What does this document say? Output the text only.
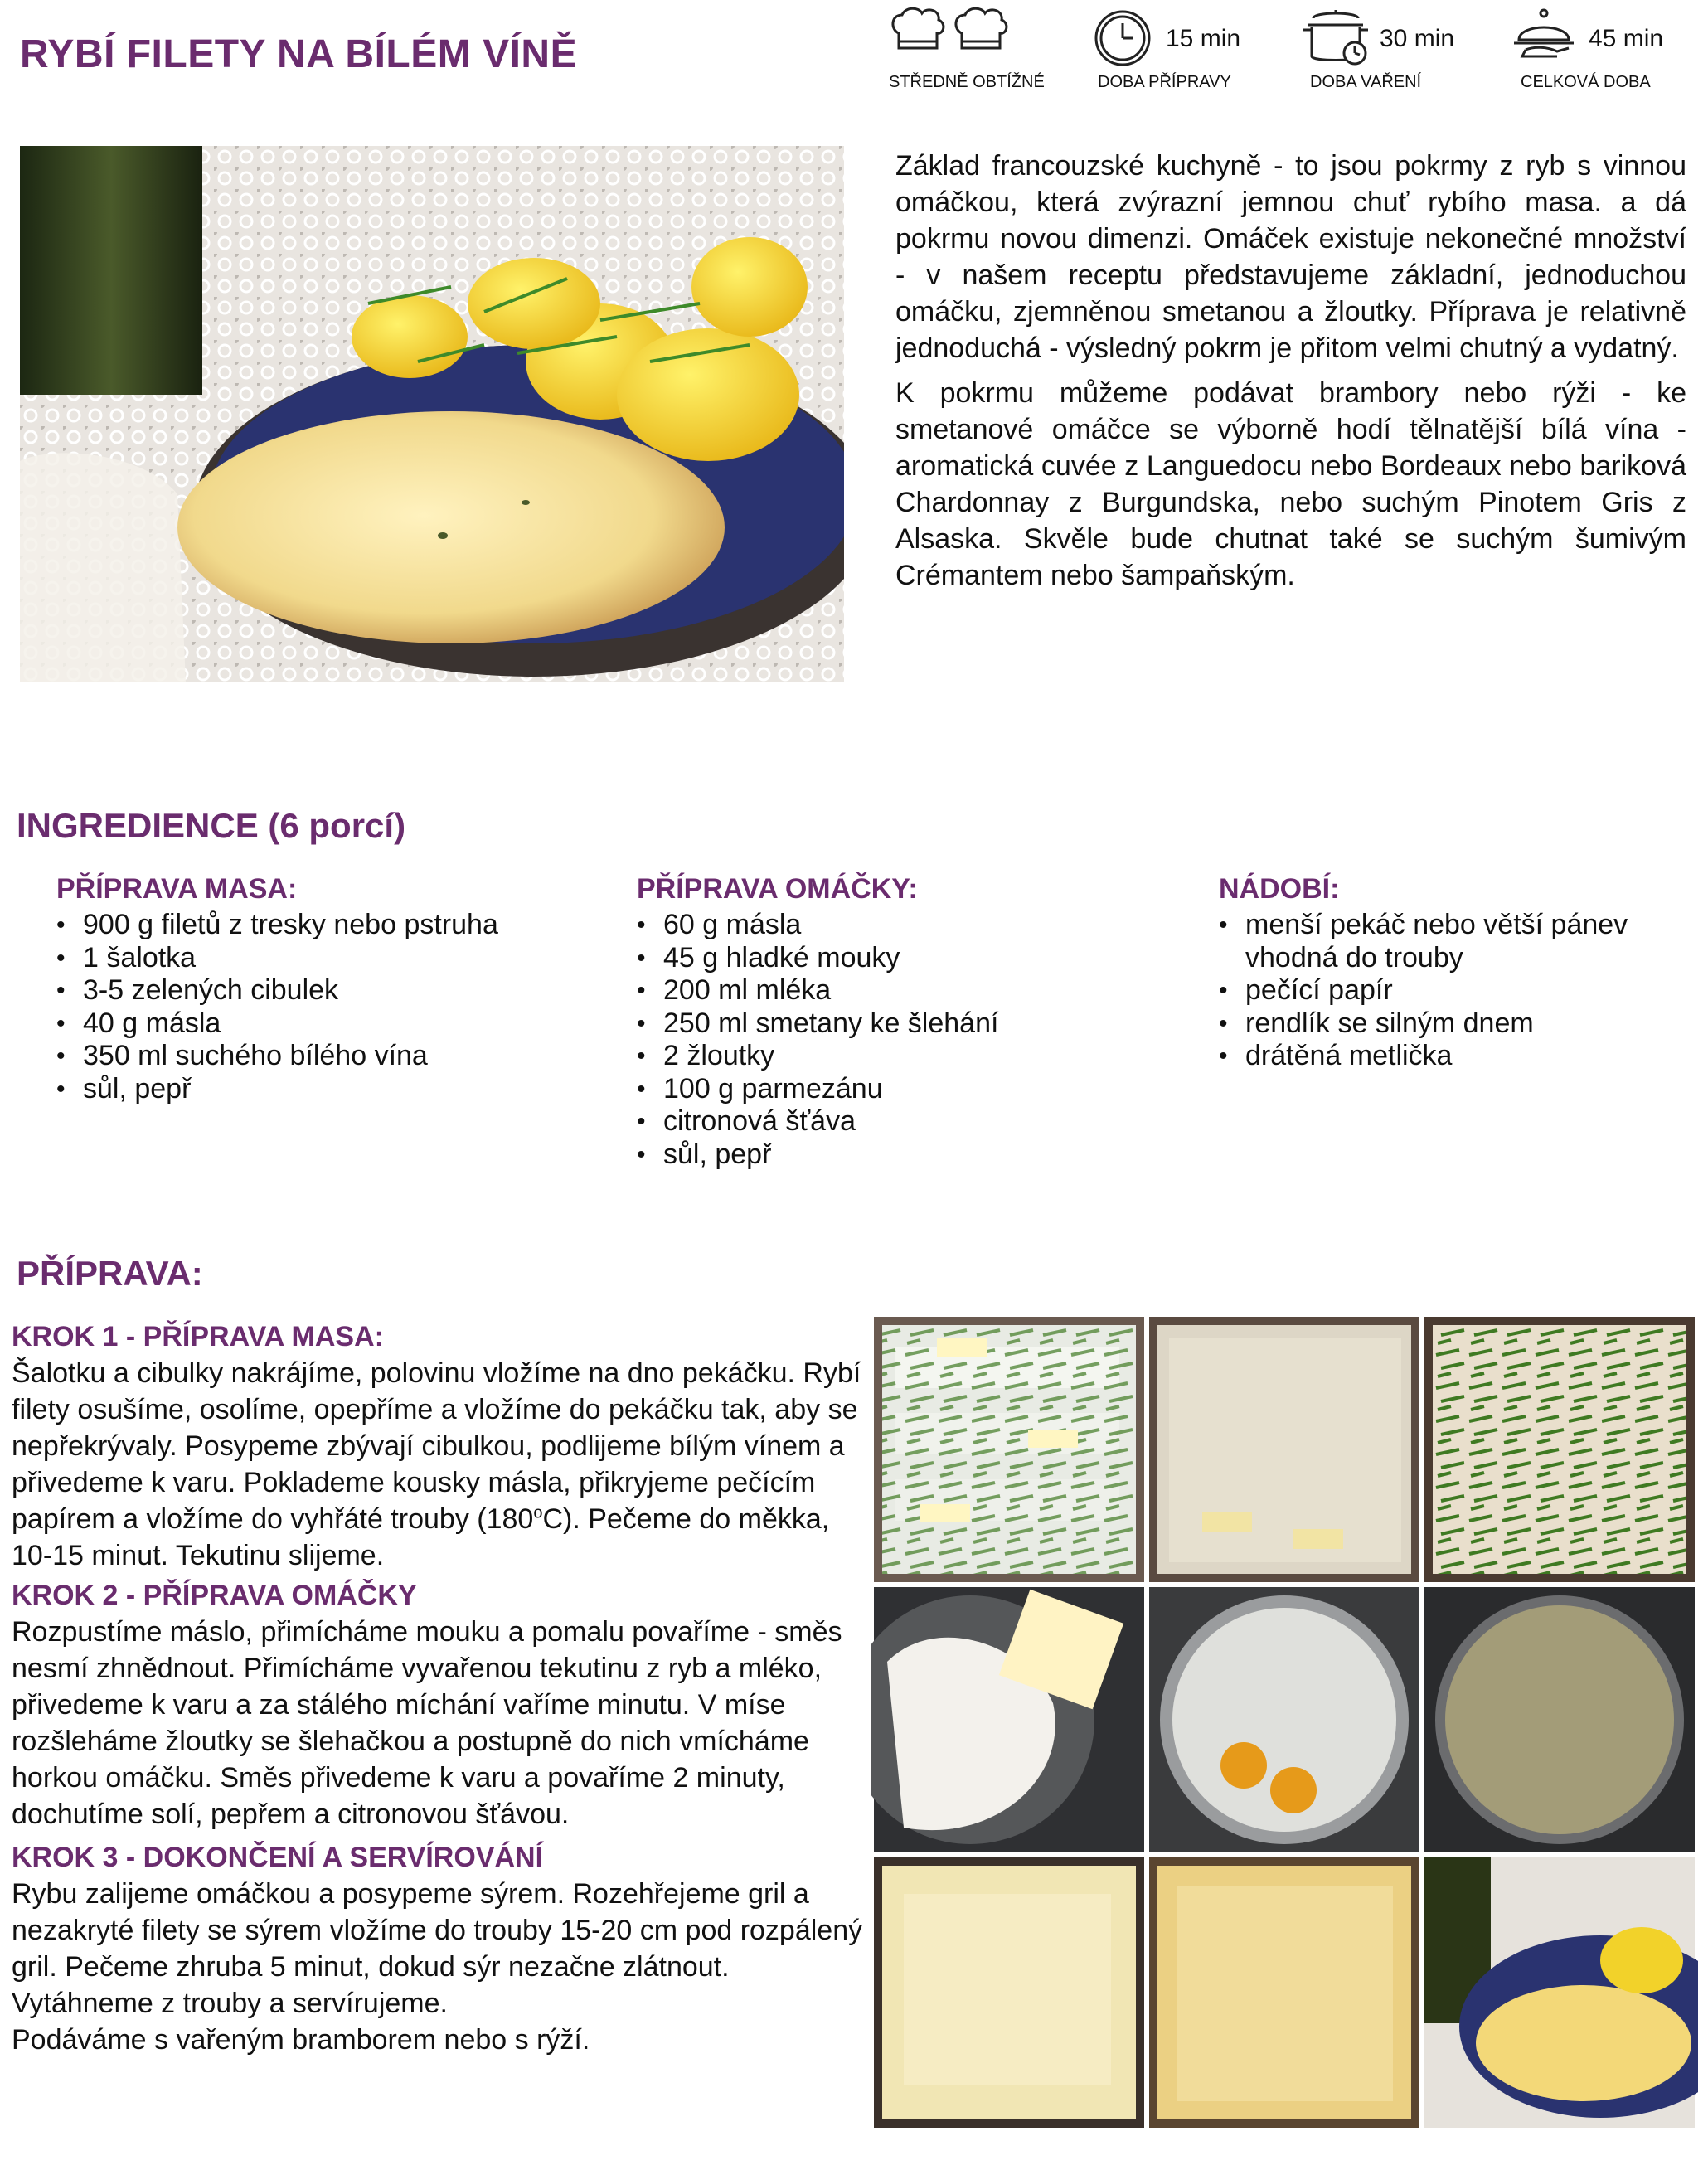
RYBÍ FILETY NA BÍLÉM VÍNĚ
STŘEDNĚ OBTÍŽNÉ
15 min
DOBA PŘÍPRAVY
30 min
DOBA VAŘENÍ
45 min
CELKOVÁ DOBA

Základ francouzské kuchyně - to jsou pokrmy z ryb s vinnou omáčkou, která zvýrazní jemnou chuť rybího masa. a dá pokrmu novou dimenzi. Omáček existuje nekonečné množství - v našem receptu představujeme základní, jednoduchou omáčku, zjemněnou smetanou a žloutky. Příprava je relativně jednoduchá - výsledný pokrm je přitom velmi chutný a vydatný.

K pokrmu můžeme podávat brambory nebo rýži - ke smetanové omáčce se výborně hodí tělnatější bílá vína - aromatická cuvée z Languedocu nebo Bordeaux nebo bariková Chardonnay z Burgundska, nebo suchým Pinotem Gris z Alsaska. Skvěle bude chutnat také se suchým šumivým Crémantem nebo šampaňským.

INGREDIENCE (6 porcí)
PŘÍPRAVA MASA:
• 900 g filetů z tresky nebo pstruha
• 1 šalotka
• 3-5 zelených cibulek
• 40 g másla
• 350 ml suchého bílého vína
• sůl, pepř
PŘÍPRAVA OMÁČKY:
• 60 g másla
• 45 g hladké mouky
• 200 ml mléka
• 250 ml smetany ke šlehání
• 2 žloutky
• 100 g parmezánu
• citronová šťáva
• sůl, pepř
NÁDOBÍ:
• menší pekáč nebo větší pánev vhodná do trouby
• pečící papír
• rendlík se silným dnem
• drátěná metlička
PŘÍPRAVA:
KROK 1 - PŘÍPRAVA MASA:

Šalotku a cibulky nakrájíme, polovinu vložíme na dno pekáčku. Rybí filety osušíme, osolíme, opepříme a vložíme do pekáčku tak, aby se nepřekrývaly. Posypeme zbývají cibulkou, podlijeme bílým vínem a přivedeme k varu. Poklademe kousky másla, přikryjeme pečícím papírem a vložíme do vyhřáté trouby (180$^o$C). Pečeme do měkka, 10-15 minut. Tekutinu slijeme.

KROK 2 - PŘÍPRAVA OMÁČKY

Rozpustíme máslo, přimícháme mouku a pomalu povaříme - směs nesmí zhnědnout. Přimícháme vyvařenou tekutinu z ryb a mléko, přivedeme k varu a za stálého míchání vaříme minutu. V míse rozšleháme žloutky se šlehačkou a postupně do nich vmícháme horkou omáčku. Směs přivedeme k varu a povaříme 2 minuty, dochutíme solí, pepřem a citronovou šťávou.

KROK 3 - DOKONČENÍ A SERVÍROVÁNÍ

Rybu zalijeme omáčkou a posypeme sýrem. Rozehřejeme gril a nezakryté filety se sýrem vložíme do trouby 15-20 cm pod rozpálený gril. Pečeme zhruba 5 minut, dokud sýr nezačne zlátnout. Vytáhneme z trouby a servírujeme.

Podáváme s vařeným bramborem nebo s rýží.
